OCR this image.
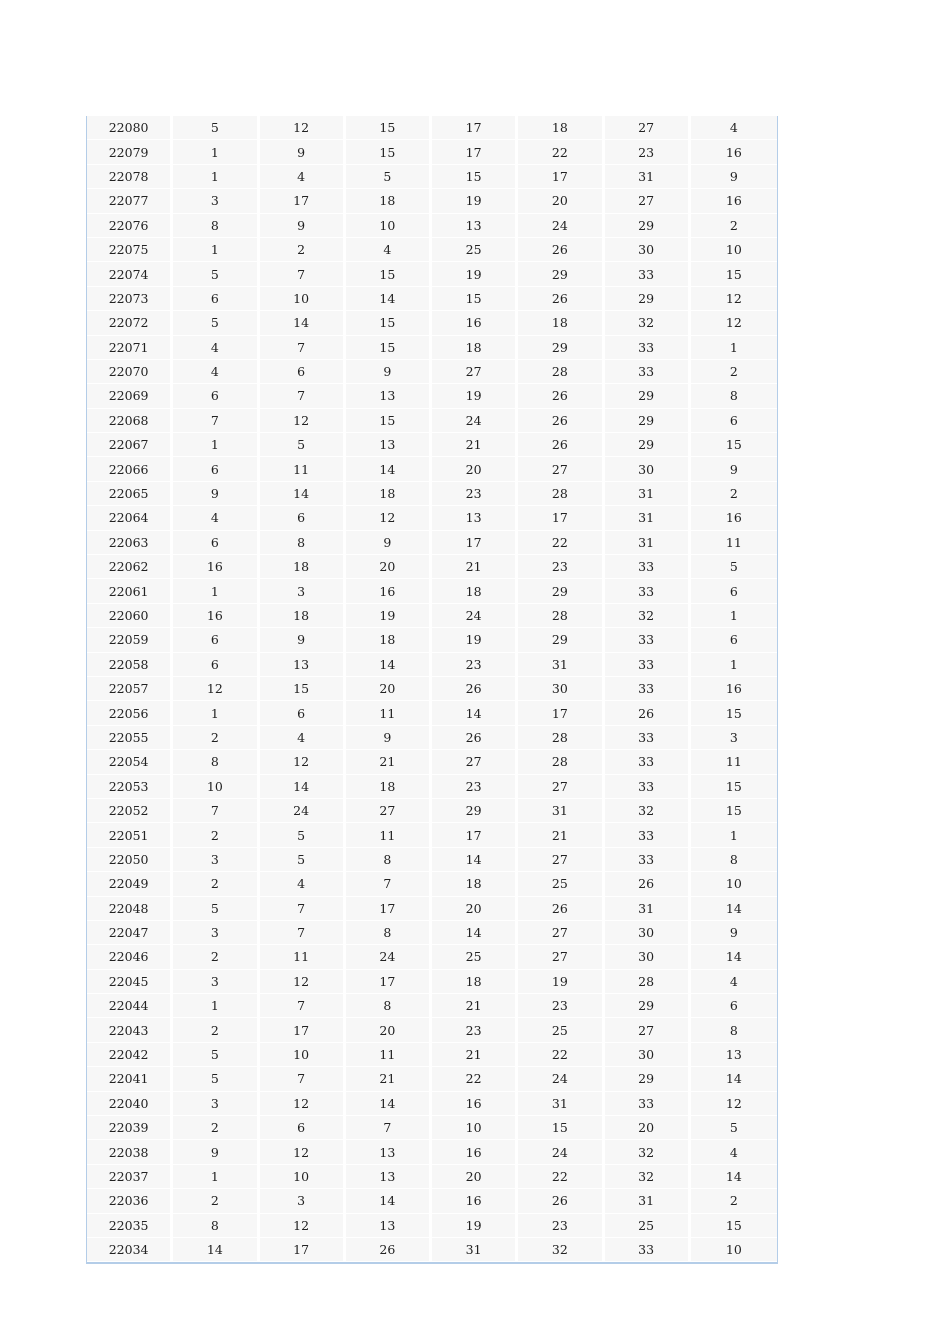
22080	5	12	15	17	18	27	4
22079	1	9	15	17	22	23	16
22078	1	4	5	15	17	31	9
22077	3	17	18	19	20	27	16
22076	8	9	10	13	24	29	2
22075	1	2	4	25	26	30	10
22074	5	7	15	19	29	33	15
22073	6	10	14	15	26	29	12
22072	5	14	15	16	18	32	12
22071	4	7	15	18	29	33	1
22070	4	6	9	27	28	33	2
22069	6	7	13	19	26	29	8
22068	7	12	15	24	26	29	6
22067	1	5	13	21	26	29	15
22066	6	11	14	20	27	30	9
22065	9	14	18	23	28	31	2
22064	4	6	12	13	17	31	16
22063	6	8	9	17	22	31	11
22062	16	18	20	21	23	33	5
22061	1	3	16	18	29	33	6
22060	16	18	19	24	28	32	1
22059	6	9	18	19	29	33	6
22058	6	13	14	23	31	33	1
22057	12	15	20	26	30	33	16
22056	1	6	11	14	17	26	15
22055	2	4	9	26	28	33	3
22054	8	12	21	27	28	33	11
22053	10	14	18	23	27	33	15
22052	7	24	27	29	31	32	15
22051	2	5	11	17	21	33	1
22050	3	5	8	14	27	33	8
22049	2	4	7	18	25	26	10
22048	5	7	17	20	26	31	14
22047	3	7	8	14	27	30	9
22046	2	11	24	25	27	30	14
22045	3	12	17	18	19	28	4
22044	1	7	8	21	23	29	6
22043	2	17	20	23	25	27	8
22042	5	10	11	21	22	30	13
22041	5	7	21	22	24	29	14
22040	3	12	14	16	31	33	12
22039	2	6	7	10	15	20	5
22038	9	12	13	16	24	32	4
22037	1	10	13	20	22	32	14
22036	2	3	14	16	26	31	2
22035	8	12	13	19	23	25	15
22034	14	17	26	31	32	33	10
